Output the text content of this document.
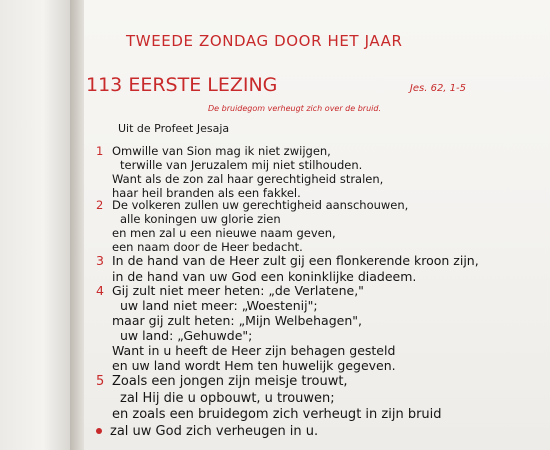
TWEEDE ZONDAG DOOR HET JAAR
113 EERSTE LEZING	Jes. 62, 1-5
De bruidegom verheugt zich over de bruid.
Uit de Profeet Jesaja
1 Omwille van Sion mag ik niet zwijgen,
terwille van Jeruzalem mij niet stilhouden.
Want als de zon zal haar gerechtigheid stralen,
haar heil branden als een fakkel.
2 De volkeren zullen uw gerechtigheid aanschouwen,
alle koningen uw glorie zien
en men zal u een nieuwe naam geven,
een naam door de Heer bedacht.
3 In de hand van de Heer zult gij een flonkerende kroon zijn,
in de hand van uw God een koninklijke diadeem.
4 Gij zult niet meer heten: „de Verlatene,"
uw land niet meer: „Woestenij";
maar gij zult heten: „Mijn Welbehagen",
uw land: „Gehuwde";
Want in u heeft de Heer zijn behagen gesteld
en uw land wordt Hem ten huwelijk gegeven.
5 Zoals een jongen zijn meisje trouwt,
zal Hij die u opbouwt, u trouwen;
en zoals een bruidegom zich verheugt in zijn bruid
zal uw God zich verheugen in u.
